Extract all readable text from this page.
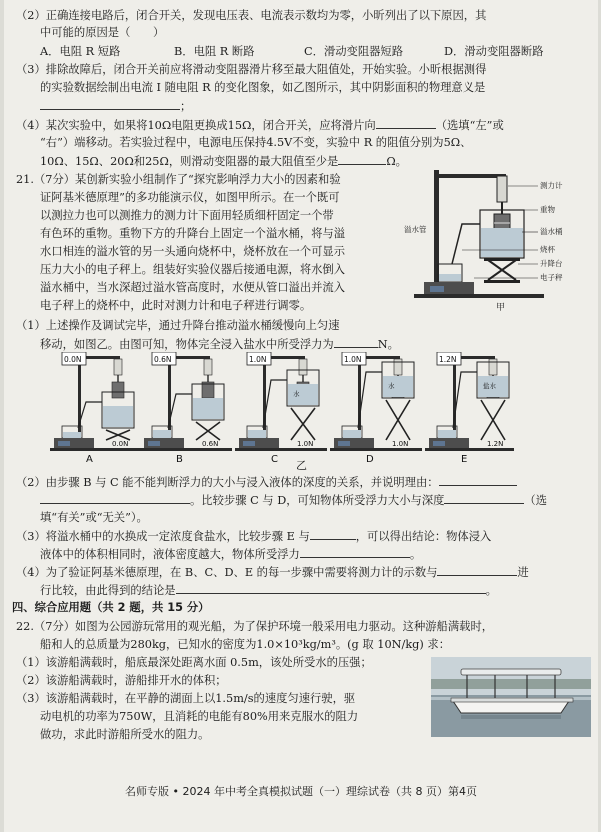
（2）正确连接电路后，闭合开关，发现电压表、电流表示数均为零，小昕列出了以下原因，其
中可能的原因是（　　）
A．电阻 R 短路	B．电阻 R 断路	C．滑动变阻器短路	D．滑动变阻器断路
（3）排除故障后，闭合开关前应将滑动变阻器滑片移至最大阻值处，开始实验。小昕根据测得
的实验数据绘制出电流 I 随电阻 R 的变化图象，如乙图所示，其中阴影面积的物理意义是
；
（4）某次实验中，如果将10Ω电阻更换成15Ω，闭合开关，应将滑片向	（选填“左”或
“右”）端移动。若实验过程中，电源电压保持4.5V不变，实验中 R 的阻值分别为5Ω、
10Ω、15Ω、20Ω和25Ω，则滑动变阻器的最大阻值至少是	Ω。
21.（7分）某创新实验小组制作了“探究影响浮力大小的因素和验
证阿基米德原理”的多功能演示仪，如图甲所示。在一个既可
以测拉力也可以测推力的测力计下面用轻质细杆固定一个带
有色环的重物。重物下方的升降台上固定一个溢水桶，将与溢
水口相连的溢水管的另一头通向烧杯中，烧杯放在一个可显示
压力大小的电子秤上。组装好实验仪器后接通电源，将水倒入
溢水桶中，当水深超过溢水管高度时，水便从管口溢出并流入
电子秤上的烧杯中，此时对测力计和电子秤进行调零。
测力计
重物
溢水桶
烧杯
升降台
电子秤
溢水管
甲
（1）上述操作及调试完毕，通过升降台推动溢水桶缓慢向上匀速
移动，如图乙。由图可知，物体完全浸入盐水中所受浮力为	N。
0.0N
0.0N
A
0.6N
0.6N
B
1.0N
水
1.0N
C
1.0N
水
1.0N
D
1.2N
盐水
1.2N
E
乙
（2）由步骤 B 与 C 能不能判断浮力的大小与浸入液体的深度的关系，并说明理由：
。比较步骤 C 与 D，可知物体所受浮力大小与深度	（选
填“有关”或“无关”）。
（3）将溢水桶中的水换成一定浓度食盐水，比较步骤 E 与	，可以得出结论：物体浸入
液体中的体积相同时，液体密度越大，物体所受浮力	。
（4）为了验证阿基米德原理，在 B、C、D、E 的每一步骤中需要将测力计的示数与	进
行比较，由此得到的结论是	。
四、综合应用题（共 2 题，共 15 分）
22.（7分）如图为公园游玩常用的观光船，为了保护环境一般采用电力驱动。这种游船满载时，
船和人的总质量为280kg，已知水的密度为1.0×10³kg/m³。(g 取 10N/kg) 求：
（1）该游船满载时，船底最深处距离水面 0.5m，该处所受水的压强；
（2）该游船满载时，游船排开水的体积；
（3）该游船满载时，在平静的湖面上以1.5m/s的速度匀速行驶，驱
动电机的功率为750W，且消耗的电能有80%用来克服水的阻力
做功，求此时游船所受水的阻力。
名师专版 • 2024 年中考全真模拟试题（一）理综试卷（共 8 页）第4页
